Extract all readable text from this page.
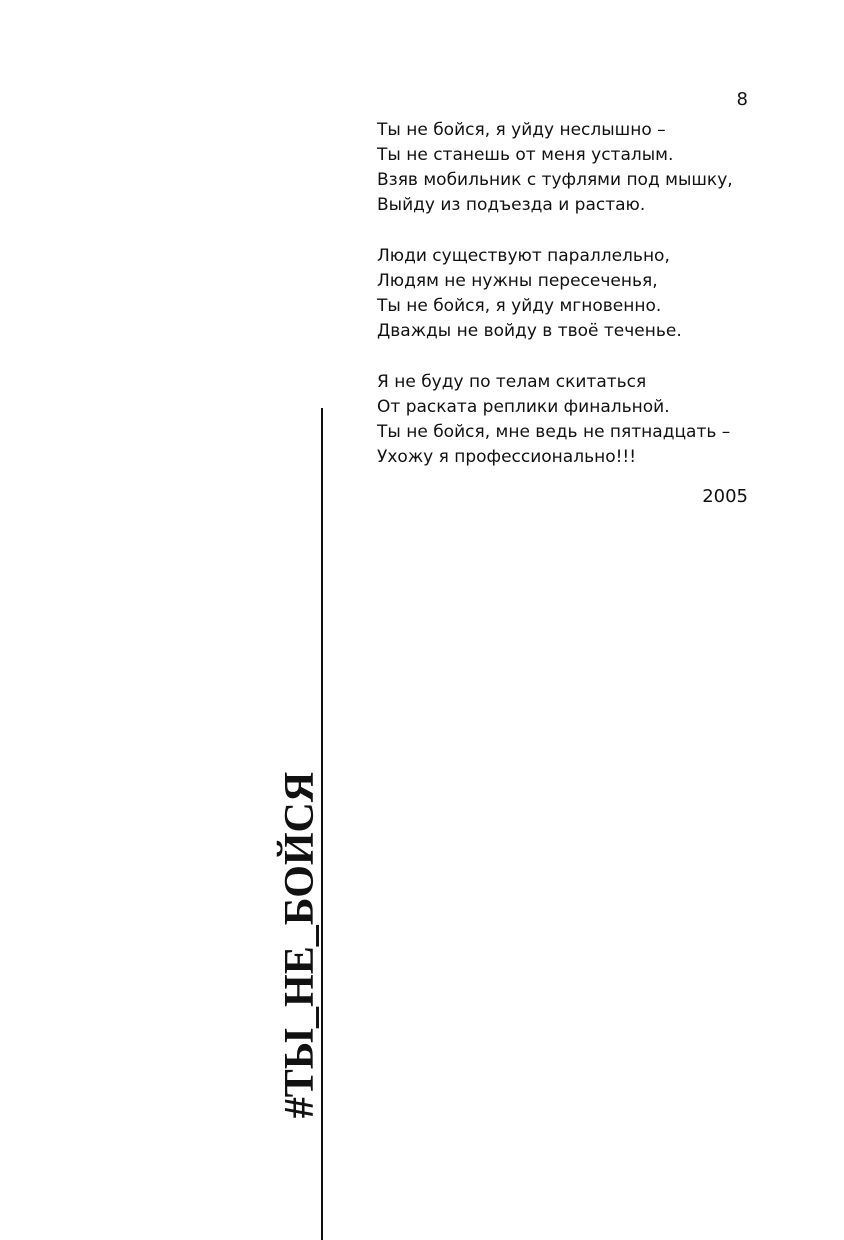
8
Ты не бойся, я уйду неслышно –
Ты не станешь от меня усталым.
Взяв мобильник с туфлями под мышку,
Выйду из подъезда и растаю.
Люди существуют параллельно,
Людям не нужны пересеченья,
Ты не бойся, я уйду мгновенно.
Дважды не войду в твоё теченье.
Я не буду по телам скитаться
От раската реплики финальной.
Ты не бойся, мне ведь не пятнадцать –
Ухожу я профессионально!!!
2005
#ТЫ_НЕ_БОЙСЯ
